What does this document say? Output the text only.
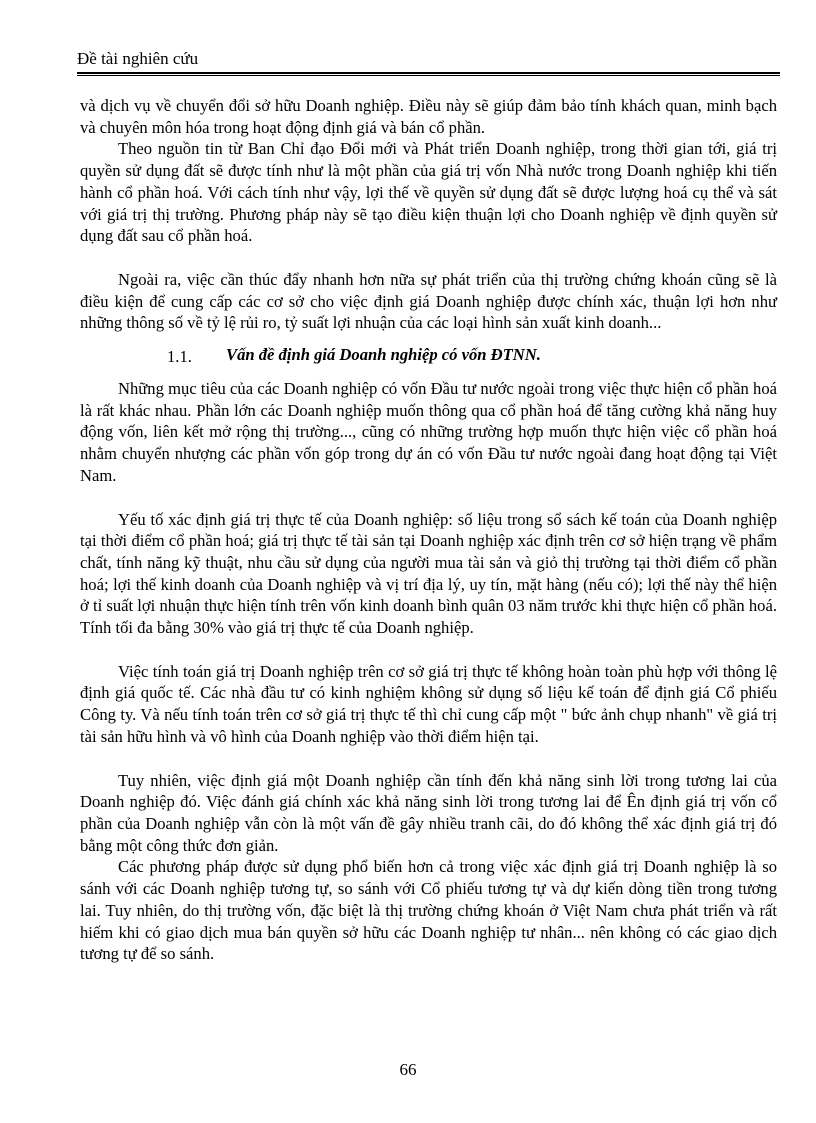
Đề tài nghiên cứu

và dịch vụ về chuyển đổi sở hữu Doanh nghiệp. Điều này sẽ giúp đảm bảo tính khách quan, minh bạch và chuyên môn hóa trong hoạt động định giá và bán cổ phần.

Theo nguồn tin từ Ban Chỉ đạo Đổi mới và Phát triển Doanh nghiệp, trong thời gian tới, giá trị quyền sử dụng đất sẽ được tính như là một phần của giá trị vốn Nhà nước trong Doanh nghiệp khi tiến hành cổ phần hoá. Với cách tính như vậy, lợi thế về quyền sử dụng đất sẽ được lượng hoá cụ thể và sát với giá trị thị trường. Phương pháp này sẽ tạo điều kiện thuận lợi cho Doanh nghiệp về định quyền sử dụng đất sau cổ phần hoá.

Ngoài ra, việc cần thúc đẩy nhanh hơn nữa sự phát triển của thị trường chứng khoán cũng sẽ là điều kiện để cung cấp các cơ sở cho việc định giá Doanh nghiệp được chính xác, thuận lợi hơn như những thông số về tỷ lệ rủi ro, tỷ suất lợi nhuận của các loại hình sản xuất kinh doanh...

1.1. Vấn đề định giá Doanh nghiệp có vốn ĐTNN.

Những mục tiêu của các Doanh nghiệp có vốn Đầu tư nước ngoài trong việc thực hiện cổ phần hoá là rất khác nhau. Phần lớn các Doanh nghiệp muốn thông qua cổ phần hoá để tăng cường khả năng huy động vốn, liên kết mở rộng thị trường..., cũng có những trường hợp muốn thực hiện việc cổ phần hoá nhằm chuyển nhượng các phần vốn góp trong dự án có vốn Đầu tư nước ngoài đang hoạt động tại Việt Nam.

Yếu tố xác định giá trị thực tế của Doanh nghiệp: số liệu trong sổ sách kế toán của Doanh nghiệp tại thời điểm cổ phần hoá; giá trị thực tế tài sản tại Doanh nghiệp xác định trên cơ sở hiện trạng về phẩm chất, tính năng kỹ thuật, nhu cầu sử dụng của người mua tài sản và giỏ thị trường tại thời điểm cổ phần hoá; lợi thế kinh doanh của Doanh nghiệp và vị trí địa lý, uy tín, mặt hàng (nếu có); lợi thế này thể hiện ở tỉ suất lợi nhuận thực hiện tính trên vốn kinh doanh bình quân 03 năm trước khi thực hiện cổ phần hoá. Tính tối đa bằng 30% vào giá trị thực tế của Doanh nghiệp.

Việc tính toán giá trị Doanh nghiệp trên cơ sở giá trị thực tế không hoàn toàn phù hợp với thông lệ định giá quốc tế. Các nhà đầu tư có kinh nghiệm không sử dụng số liệu kế toán để định giá Cổ phiếu Công ty. Và nếu tính toán trên cơ sở giá trị thực tế thì chỉ cung cấp một " bức ảnh chụp nhanh" về giá trị tài sản hữu hình và vô hình của Doanh nghiệp vào thời điểm hiện tại.

Tuy nhiên, việc định giá một Doanh nghiệp cần tính đến khả năng sinh lời trong tương lai của Doanh nghiệp đó. Việc đánh giá chính xác khả năng sinh lời trong tương lai để Ên định giá trị vốn cổ phần của Doanh nghiệp vẫn còn là một vấn đề gây nhiều tranh cãi, do đó không thể xác định giá trị đó bằng một công thức đơn giản.

Các phương pháp được sử dụng phổ biến hơn cả trong việc xác định giá trị Doanh nghiệp là so sánh với các Doanh nghiệp tương tự, so sánh với Cổ phiếu tương tự và dự kiến dòng tiền trong tương lai. Tuy nhiên, do thị trường vốn, đặc biệt là thị trường chứng khoán ở Việt Nam chưa phát triển và rất hiếm khi có giao dịch mua bán quyền sở hữu các Doanh nghiệp tư nhân... nên không có các giao dịch tương tự để so sánh.

66
